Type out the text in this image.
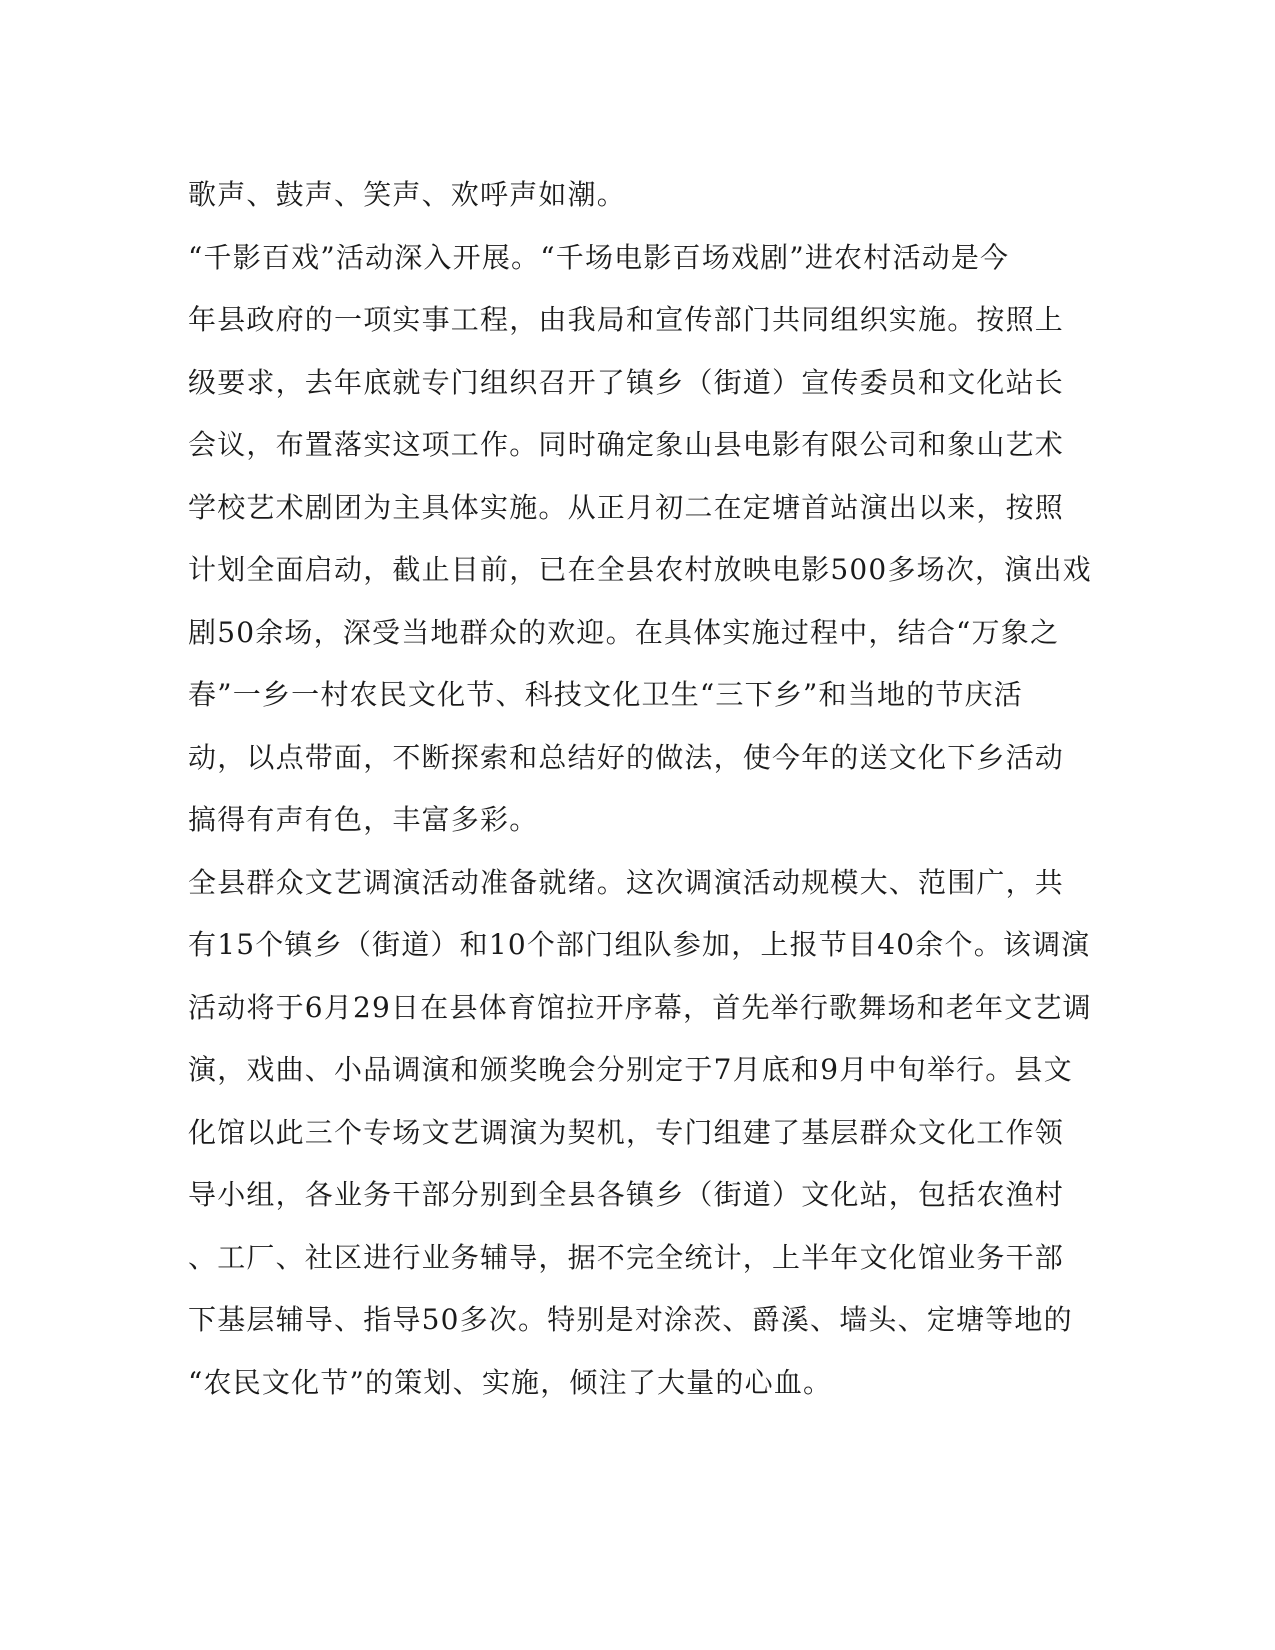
歌声、鼓声、笑声、欢呼声如潮。
“千影百戏”活动深入开展。“千场电影百场戏剧”进农村活动是今
年县政府的一项实事工程，由我局和宣传部门共同组织实施。按照上
级要求，去年底就专门组织召开了镇乡（街道）宣传委员和文化站长
会议，布置落实这项工作。同时确定象山县电影有限公司和象山艺术
学校艺术剧团为主具体实施。从正月初二在定塘首站演出以来，按照
计划全面启动，截止目前，已在全县农村放映电影500多场次，演出戏
剧50余场，深受当地群众的欢迎。在具体实施过程中，结合“万象之
春”一乡一村农民文化节、科技文化卫生“三下乡”和当地的节庆活
动，以点带面，不断探索和总结好的做法，使今年的送文化下乡活动
搞得有声有色，丰富多彩。
全县群众文艺调演活动准备就绪。这次调演活动规模大、范围广，共
有15个镇乡（街道）和10个部门组队参加，上报节目40余个。该调演
活动将于6月29日在县体育馆拉开序幕，首先举行歌舞场和老年文艺调
演，戏曲、小品调演和颁奖晚会分别定于7月底和9月中旬举行。县文
化馆以此三个专场文艺调演为契机，专门组建了基层群众文化工作领
导小组，各业务干部分别到全县各镇乡（街道）文化站，包括农渔村
、工厂、社区进行业务辅导，据不完全统计，上半年文化馆业务干部
下基层辅导、指导50多次。特别是对涂茨、爵溪、墙头、定塘等地的
“农民文化节”的策划、实施，倾注了大量的心血。
